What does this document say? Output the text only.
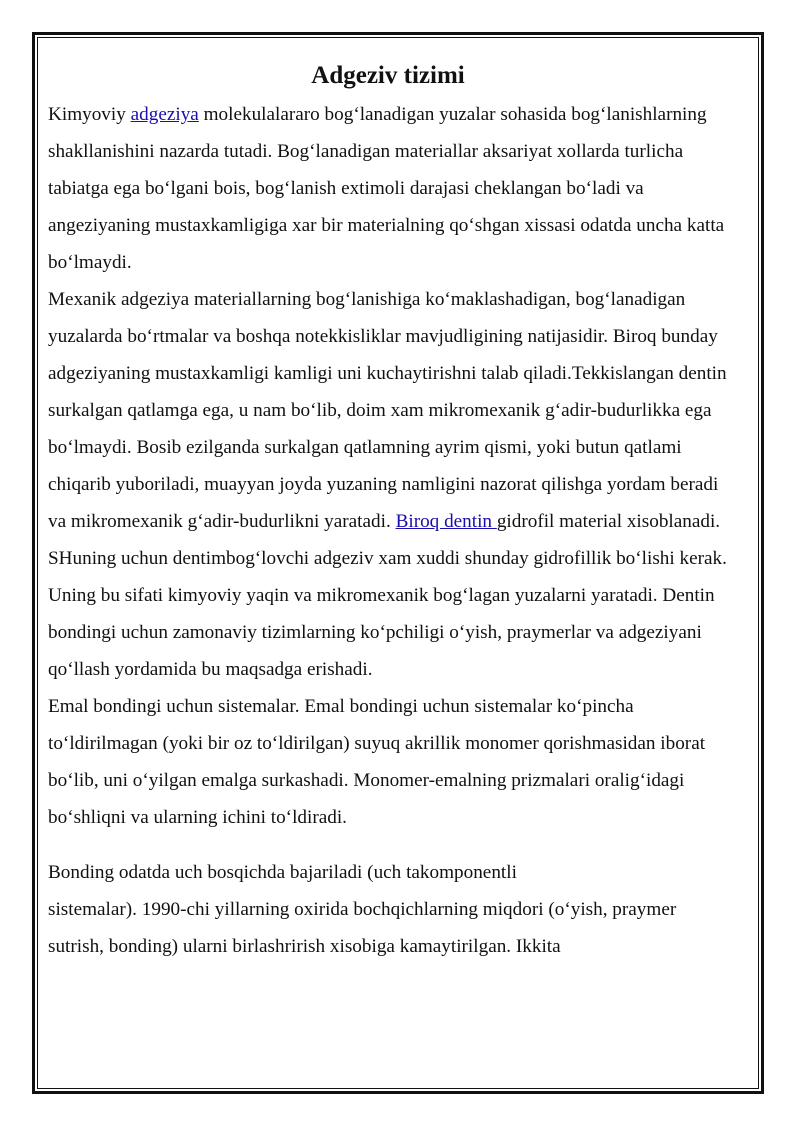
Adgeziv tizimi

Kimyoviy adgeziya molekulalararo bog‘lanadigan yuzalar sohasida bog‘lanishlarning shakllanishini nazarda tutadi. Bog‘lanadigan materiallar aksariyat xollarda turlicha tabiatga ega bo‘lgani bois, bog‘lanish extimoli darajasi cheklangan bo‘ladi va angeziyaning mustaxkamligiga xar bir materialning qo‘shgan xissasi odatda uncha katta bo‘lmaydi.

Mexanik adgeziya materiallarning bog‘lanishiga ko‘maklashadigan, bog‘lanadigan yuzalarda bo‘rtmalar va boshqa notekkisliklar mavjudligining natijasidir. Biroq bunday adgeziyaning mustaxkamligi kamligi uni kuchaytirishni talab qiladi.Tekkislangan dentin surkalgan qatlamga ega, u nam bo‘lib, doim xam mikromexanik g‘adir-budurlikka ega bo‘lmaydi. Bosib ezilganda surkalgan qatlamning ayrim qismi, yoki butun qatlami chiqarib yuboriladi, muayyan joyda yuzaning namligini nazorat qilishga yordam beradi va mikromexanik g‘adir-budurlikni yaratadi. Biroq dentin gidrofil material xisoblanadi. SHuning uchun dentimbog‘lovchi adgeziv xam xuddi shunday gidrofillik bo‘lishi kerak. Uning bu sifati kimyoviy yaqin va mikromexanik bog‘lagan yuzalarni yaratadi. Dentin bondingi uchun zamonaviy tizimlarning ko‘pchiligi o‘yish, praymerlar va adgeziyani qo‘llash yordamida bu maqsadga erishadi.

Emal bondingi uchun sistemalar. Emal bondingi uchun sistemalar ko‘pincha to‘ldirilmagan (yoki bir oz to‘ldirilgan) suyuq akrillik monomer qorishmasidan iborat bo‘lib, uni o‘yilgan emalga surkashadi. Monomer-emalning prizmalari oralig‘idagi bo‘shliqni va ularning ichini to‘ldiradi.

Bonding odatda uch bosqichda bajariladi (uch takomponentli
sistemalar). 1990-chi yillarning oxirida bochqichlarning miqdori (o‘yish, praymer sutrish, bonding) ularni birlashrirish xisobiga kamaytirilgan. Ikkita
